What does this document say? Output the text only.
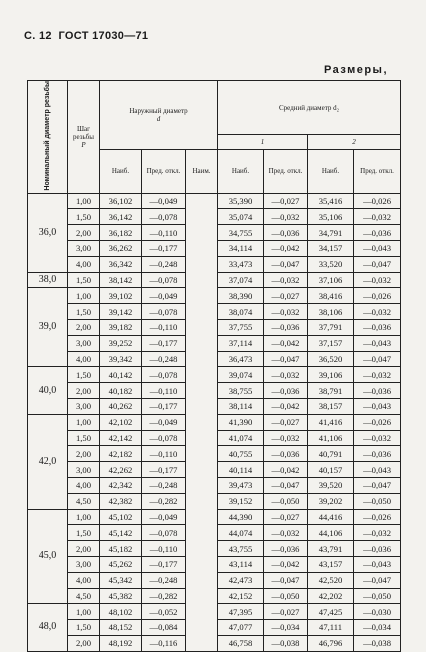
С. 12 ГОСТ 17030—71
Размеры,
Номинальный диаметр резьбы	Шаг
резьбы
P	Наружный диаметр
d			Средний диаметр d₂			
					1		2	
		Наиб.	Пред. откл.	Наим.	Наиб.	Пред. откл.	Наиб.	Пред. откл.
36,0	1,00	36,102	—0,049		35,390	—0,027	35,416	—0,026
	1,50	36,142	—0,078		35,074	—0,032	35,106	—0,032
	2,00	36,182	—0,110		34,755	—0,036	34,791	—0,036
	3,00	36,262	—0,177		34,114	—0,042	34,157	—0,043
	4,00	36,342	—0,248		33,473	—0,047	33,520	—0,047
38,0	1,50	38,142	—0,078		37,074	—0,032	37,106	—0,032
39,0	1,00	39,102	—0,049		38,390	—0,027	38,416	—0,026
	1,50	39,142	—0,078		38,074	—0,032	38,106	—0,032
	2,00	39,182	—0,110		37,755	—0,036	37,791	—0,036
	3,00	39,252	—0,177		37,114	—0,042	37,157	—0,043
	4,00	39,342	—0,248		36,473	—0,047	36,520	—0,047
40,0	1,50	40,142	—0,078		39,074	—0,032	39,106	—0,032
	2,00	40,182	—0,110		38,755	—0,036	38,791	—0,036
	3,00	40,262	—0,177		38,114	—0,042	38,157	—0,043
42,0	1,00	42,102	—0,049		41,390	—0,027	41,416	—0,026
	1,50	42,142	—0,078		41,074	—0,032	41,106	—0,032
	2,00	42,182	—0,110		40,755	—0,036	40,791	—0,036
	3,00	42,262	—0,177		40,114	—0,042	40,157	—0,043
	4,00	42,342	—0,248		39,473	—0,047	39,520	—0,047
	4,50	42,382	—0,282		39,152	—0,050	39,202	—0,050
45,0	1,00	45,102	—0,049		44,390	—0,027	44,416	—0,026
	1,50	45,142	—0,078		44,074	—0,032	44,106	—0,032
	2,00	45,182	—0,110		43,755	—0,036	43,791	—0,036
	3,00	45,262	—0,177		43,114	—0,042	43,157	—0,043
	4,00	45,342	—0,248		42,473	—0,047	42,520	—0,047
	4,50	45,382	—0,282		42,152	—0,050	42,202	—0,050
48,0	1,00	48,102	—0,052		47,395	—0,027	47,425	—0,030
	1,50	48,152	—0,084		47,077	—0,034	47,111	—0,034
	2,00	48,192	—0,116		46,758	—0,038	46,796	—0,038
